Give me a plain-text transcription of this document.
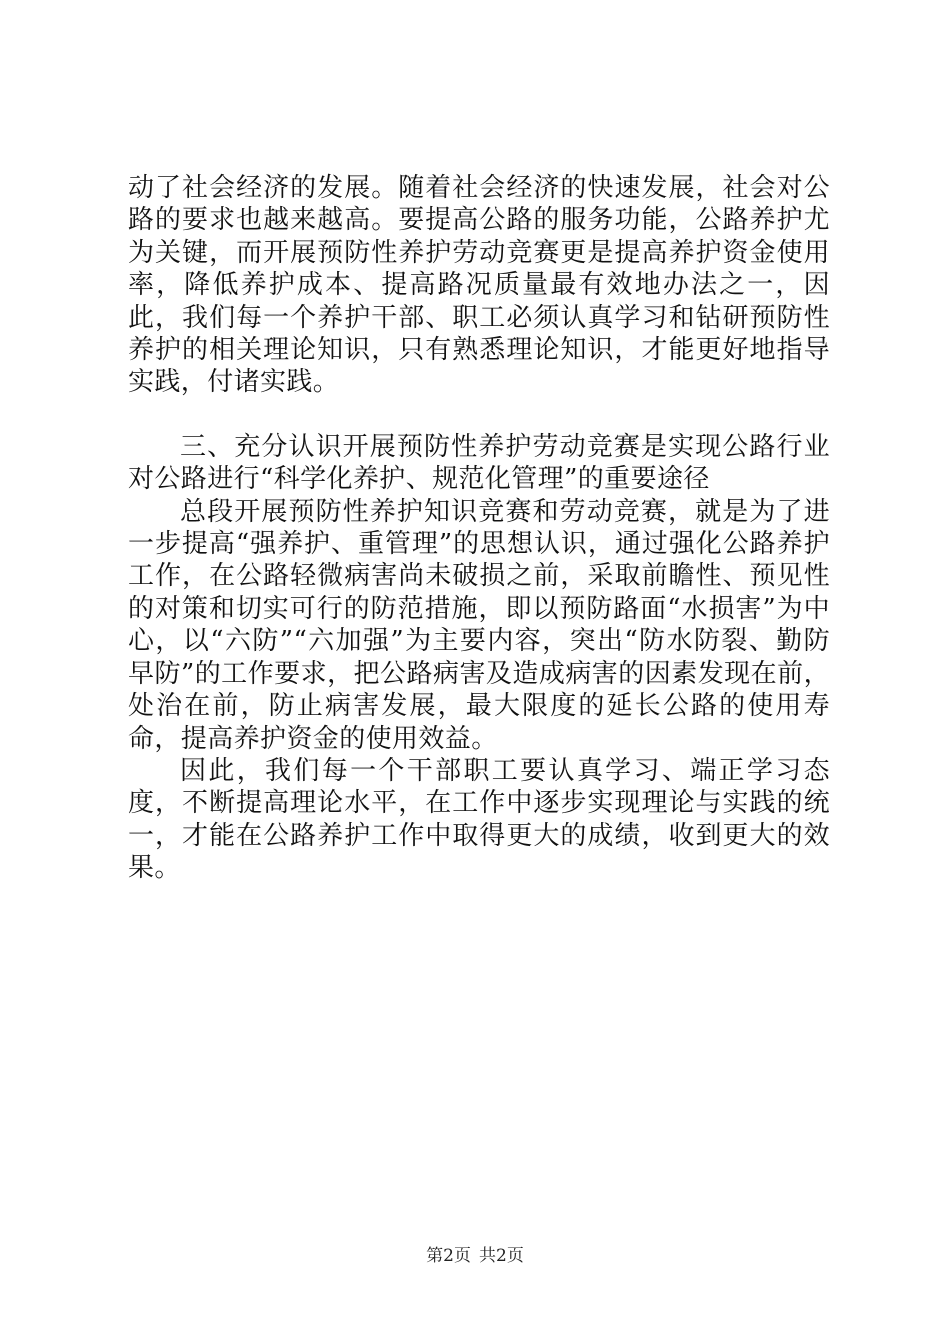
动了社会经济的发展。随着社会经济的快速发展，社会对公路的要求也越来越高。要提高公路的服务功能，公路养护尤为关键，而开展预防性养护劳动竞赛更是提高养护资金使用率，降低养护成本、提高路况质量最有效地办法之一，因此，我们每一个养护干部、职工必须认真学习和钻研预防性养护的相关理论知识，只有熟悉理论知识，才能更好地指导实践，付诸实践。

三、充分认识开展预防性养护劳动竞赛是实现公路行业对公路进行“科学化养护、规范化管理”的重要途径

总段开展预防性养护知识竞赛和劳动竞赛，就是为了进一步提高“强养护、重管理”的思想认识，通过强化公路养护工作，在公路轻微病害尚未破损之前，采取前瞻性、预见性的对策和切实可行的防范措施，即以预防路面“水损害”为中心，以“六防”“六加强”为主要内容，突出“防水防裂、勤防早防”的工作要求，把公路病害及造成病害的因素发现在前，处治在前，防止病害发展，最大限度的延长公路的使用寿命，提高养护资金的使用效益。

因此，我们每一个干部职工要认真学习、端正学习态度，不断提高理论水平，在工作中逐步实现理论与实践的统一，才能在公路养护工作中取得更大的成绩，收到更大的效果。

第2页 共2页
